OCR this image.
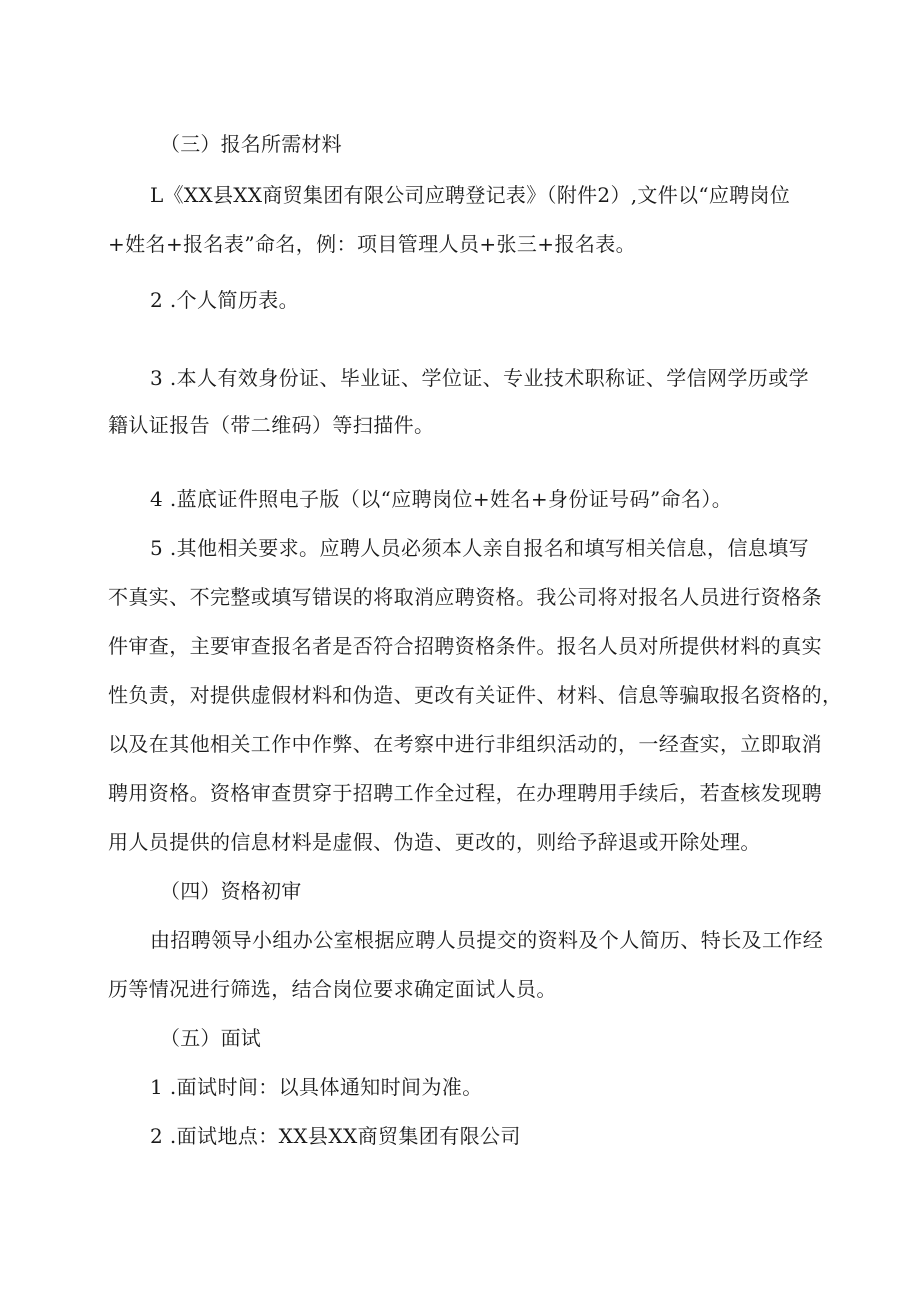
（三）报名所需材料
L《XX县XX商贸集团有限公司应聘登记表》（附件2）,文件以“应聘岗位
+姓名+报名表”命名，例：项目管理人员+张三+报名表。
2 .个人简历表。
3 .本人有效身份证、毕业证、学位证、专业技术职称证、学信网学历或学
籍认证报告（带二维码）等扫描件。
4 .蓝底证件照电子版（以“应聘岗位+姓名+身份证号码”命名）。
5 .其他相关要求。应聘人员必须本人亲自报名和填写相关信息，信息填写
不真实、不完整或填写错误的将取消应聘资格。我公司将对报名人员进行资格条
件审查，主要审查报名者是否符合招聘资格条件。报名人员对所提供材料的真实
性负责，对提供虚假材料和伪造、更改有关证件、材料、信息等骗取报名资格的，
以及在其他相关工作中作弊、在考察中进行非组织活动的，一经查实，立即取消
聘用资格。资格审查贯穿于招聘工作全过程，在办理聘用手续后，若查核发现聘
用人员提供的信息材料是虚假、伪造、更改的，则给予辞退或开除处理。
（四）资格初审
由招聘领导小组办公室根据应聘人员提交的资料及个人简历、特长及工作经
历等情况进行筛选，结合岗位要求确定面试人员。
（五）面试
1 .面试时间：以具体通知时间为准。
2 .面试地点：XX县XX商贸集团有限公司
